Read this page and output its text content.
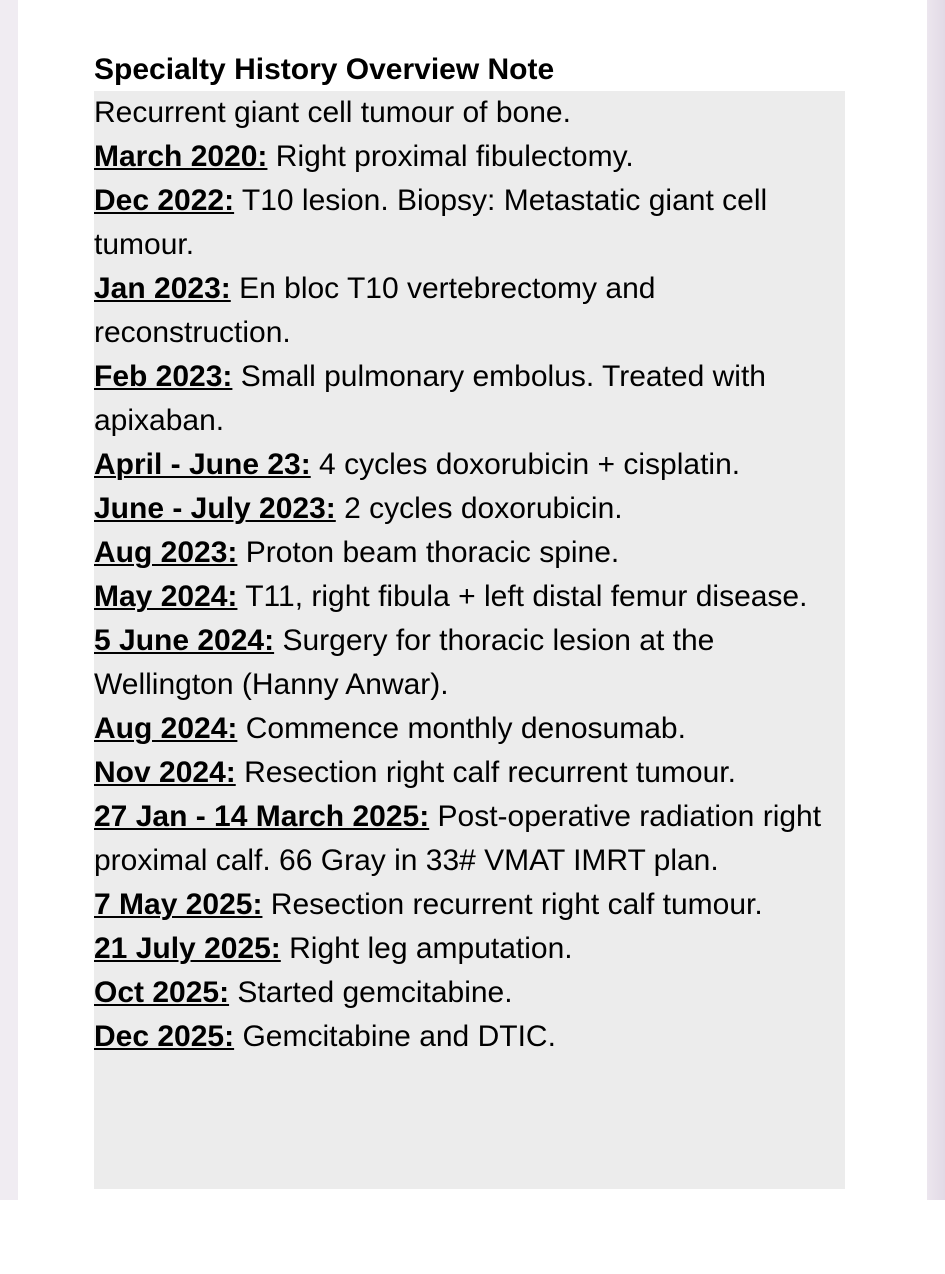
Specialty History Overview Note

Recurrent giant cell tumour of bone.

March 2020: Right proximal fibulectomy.

Dec 2022: T10 lesion. Biopsy: Metastatic giant cell tumour.

Jan 2023: En bloc T10 vertebrectomy and reconstruction.

Feb 2023: Small pulmonary embolus. Treated with apixaban.

April - June 23: 4 cycles doxorubicin + cisplatin.

June - July 2023: 2 cycles doxorubicin.

Aug 2023: Proton beam thoracic spine.

May 2024: T11, right fibula + left distal femur disease.

5 June 2024: Surgery for thoracic lesion at the Wellington (Hanny Anwar).

Aug 2024: Commence monthly denosumab.

Nov 2024: Resection right calf recurrent tumour.

27 Jan - 14 March 2025: Post-operative radiation right proximal calf. 66 Gray in 33# VMAT IMRT plan.

7 May 2025: Resection recurrent right calf tumour.

21 July 2025: Right leg amputation.

Oct 2025: Started gemcitabine.

Dec 2025: Gemcitabine and DTIC.
